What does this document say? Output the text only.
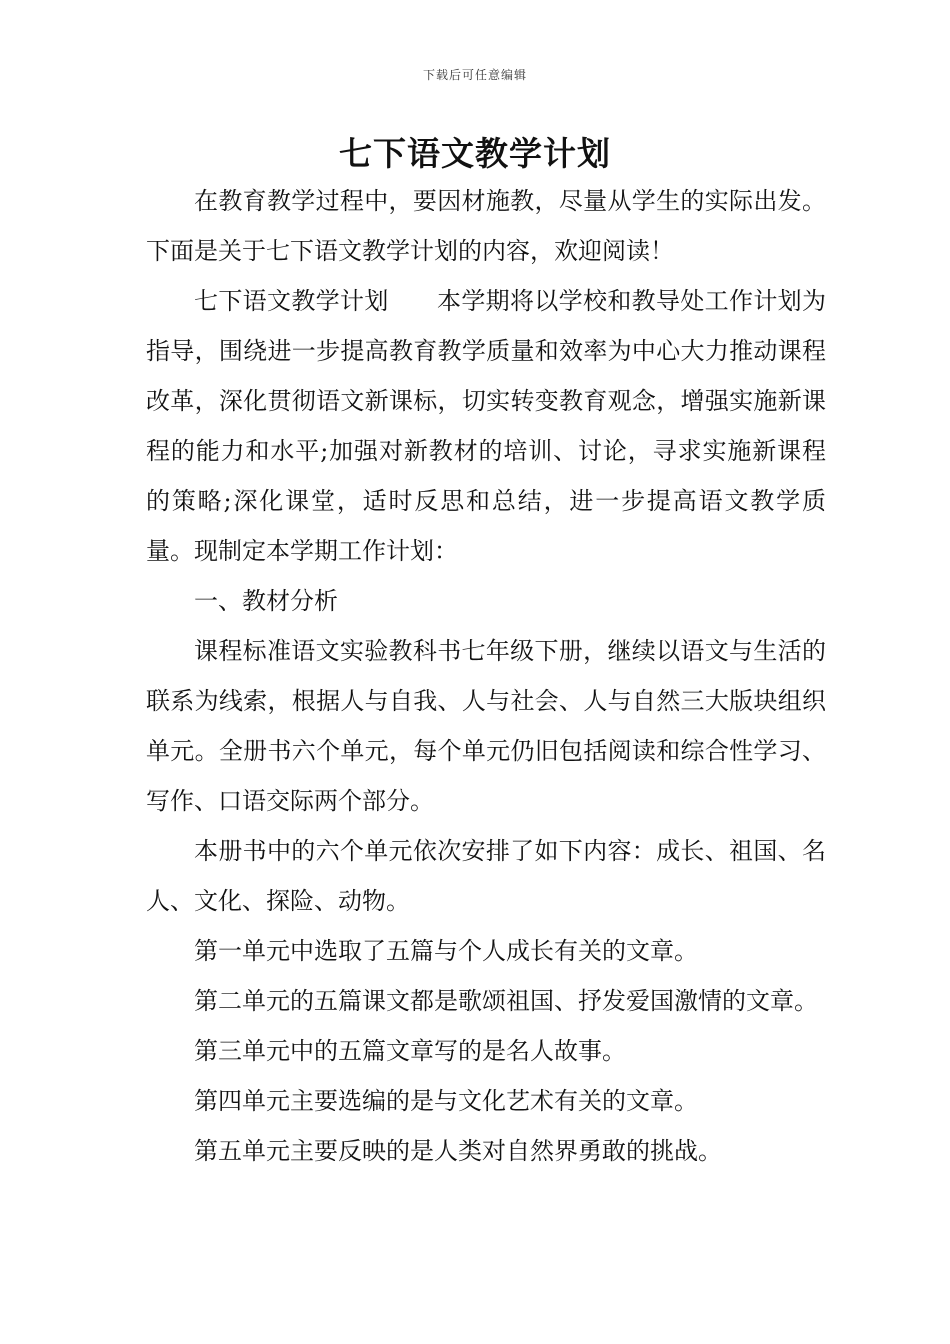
下载后可任意编辑
七下语文教学计划

在教育教学过程中，要因材施教，尽量从学生的实际出发。下面是关于七下语文教学计划的内容，欢迎阅读！

七下语文教学计划 本学期将以学校和教导处工作计划为指导，围绕进一步提高教育教学质量和效率为中心大力推动课程改革，深化贯彻语文新课标，切实转变教育观念，增强实施新课程的能力和水平;加强对新教材的培训、讨论，寻求实施新课程的策略;深化课堂，适时反思和总结，进一步提高语文教学质量。现制定本学期工作计划：

一、教材分析

课程标准语文实验教科书七年级下册，继续以语文与生活的联系为线索，根据人与自我、人与社会、人与自然三大版块组织单元。全册书六个单元，每个单元仍旧包括阅读和综合性学习、写作、口语交际两个部分。

本册书中的六个单元依次安排了如下内容：成长、祖国、名人、文化、探险、动物。

第一单元中选取了五篇与个人成长有关的文章。

第二单元的五篇课文都是歌颂祖国、抒发爱国激情的文章。

第三单元中的五篇文章写的是名人故事。

第四单元主要选编的是与文化艺术有关的文章。

第五单元主要反映的是人类对自然界勇敢的挑战。
